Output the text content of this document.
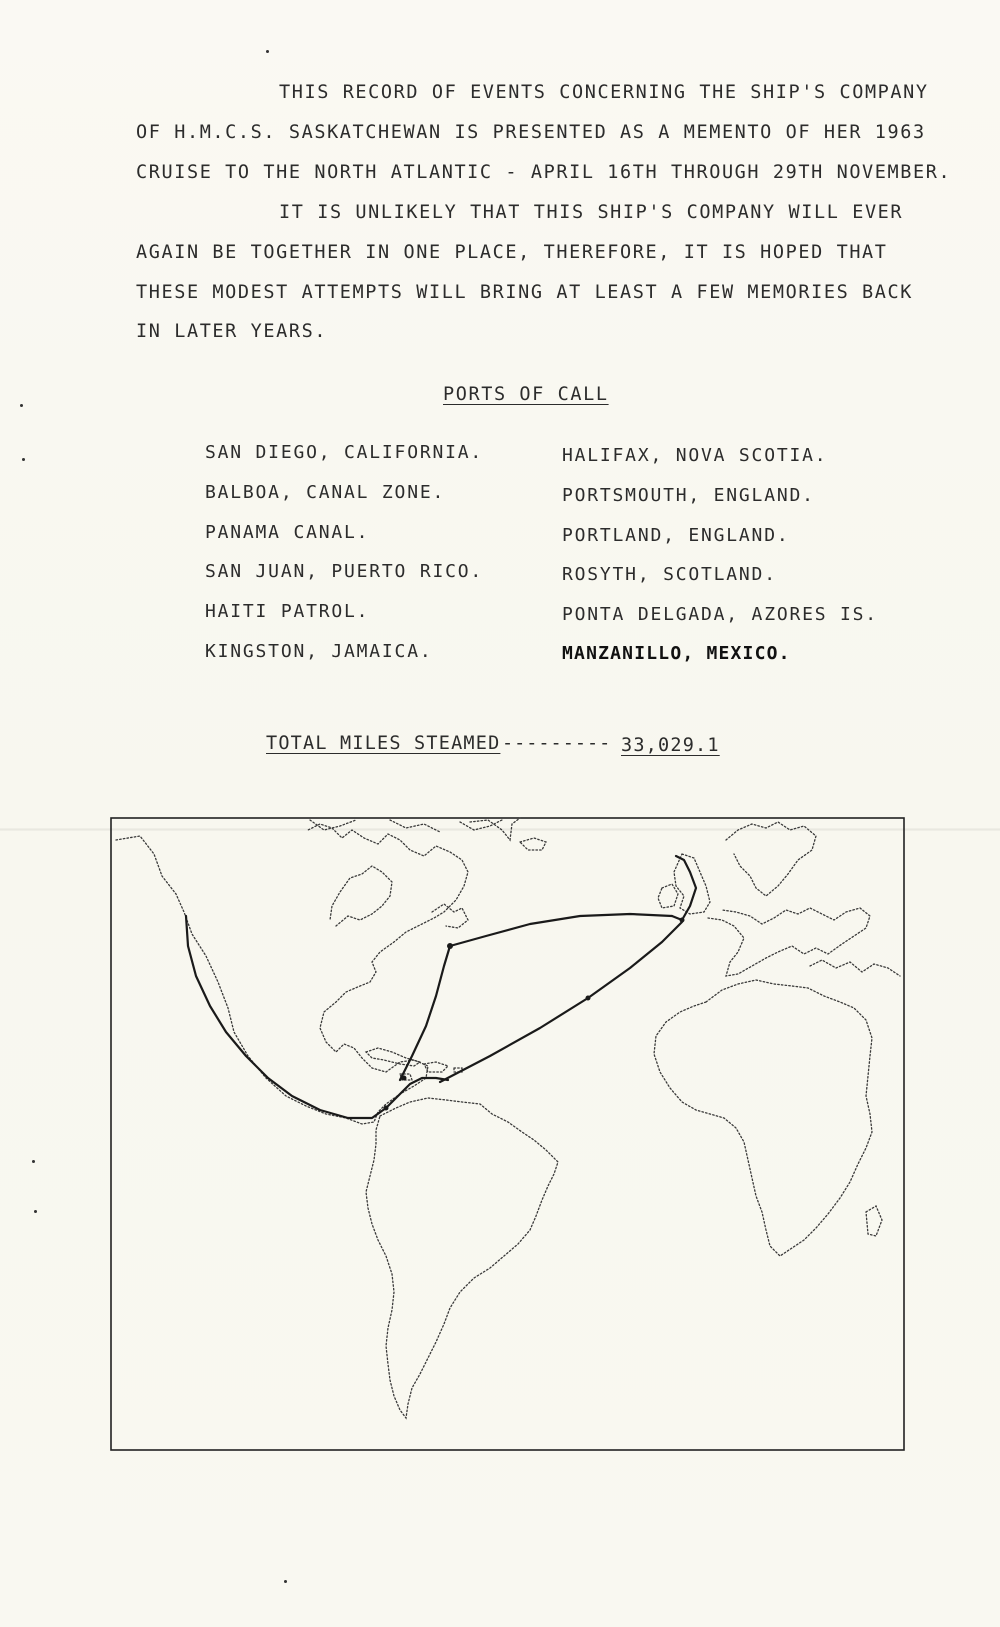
THIS RECORD OF EVENTS CONCERNING THE SHIP'S COMPANY
OF H.M.C.S. SASKATCHEWAN IS PRESENTED AS A MEMENTO OF HER 1963
CRUISE TO THE NORTH ATLANTIC - APRIL 16TH THROUGH 29TH NOVEMBER.
IT IS UNLIKELY THAT THIS SHIP'S COMPANY WILL EVER
AGAIN BE TOGETHER IN ONE PLACE, THEREFORE, IT IS HOPED THAT
THESE MODEST ATTEMPTS WILL BRING AT LEAST A FEW MEMORIES BACK
IN LATER YEARS.
PORTS OF CALL
SAN DIEGO, CALIFORNIA.
BALBOA, CANAL ZONE.
PANAMA CANAL.
SAN JUAN, PUERTO RICO.
HAITI PATROL.
KINGSTON, JAMAICA.
HALIFAX, NOVA SCOTIA.
PORTSMOUTH, ENGLAND.
PORTLAND, ENGLAND.
ROSYTH, SCOTLAND.
PONTA DELGADA, AZORES IS.
MANZANILLO, MEXICO.
TOTAL MILES STEAMED --------- 33,029.1
